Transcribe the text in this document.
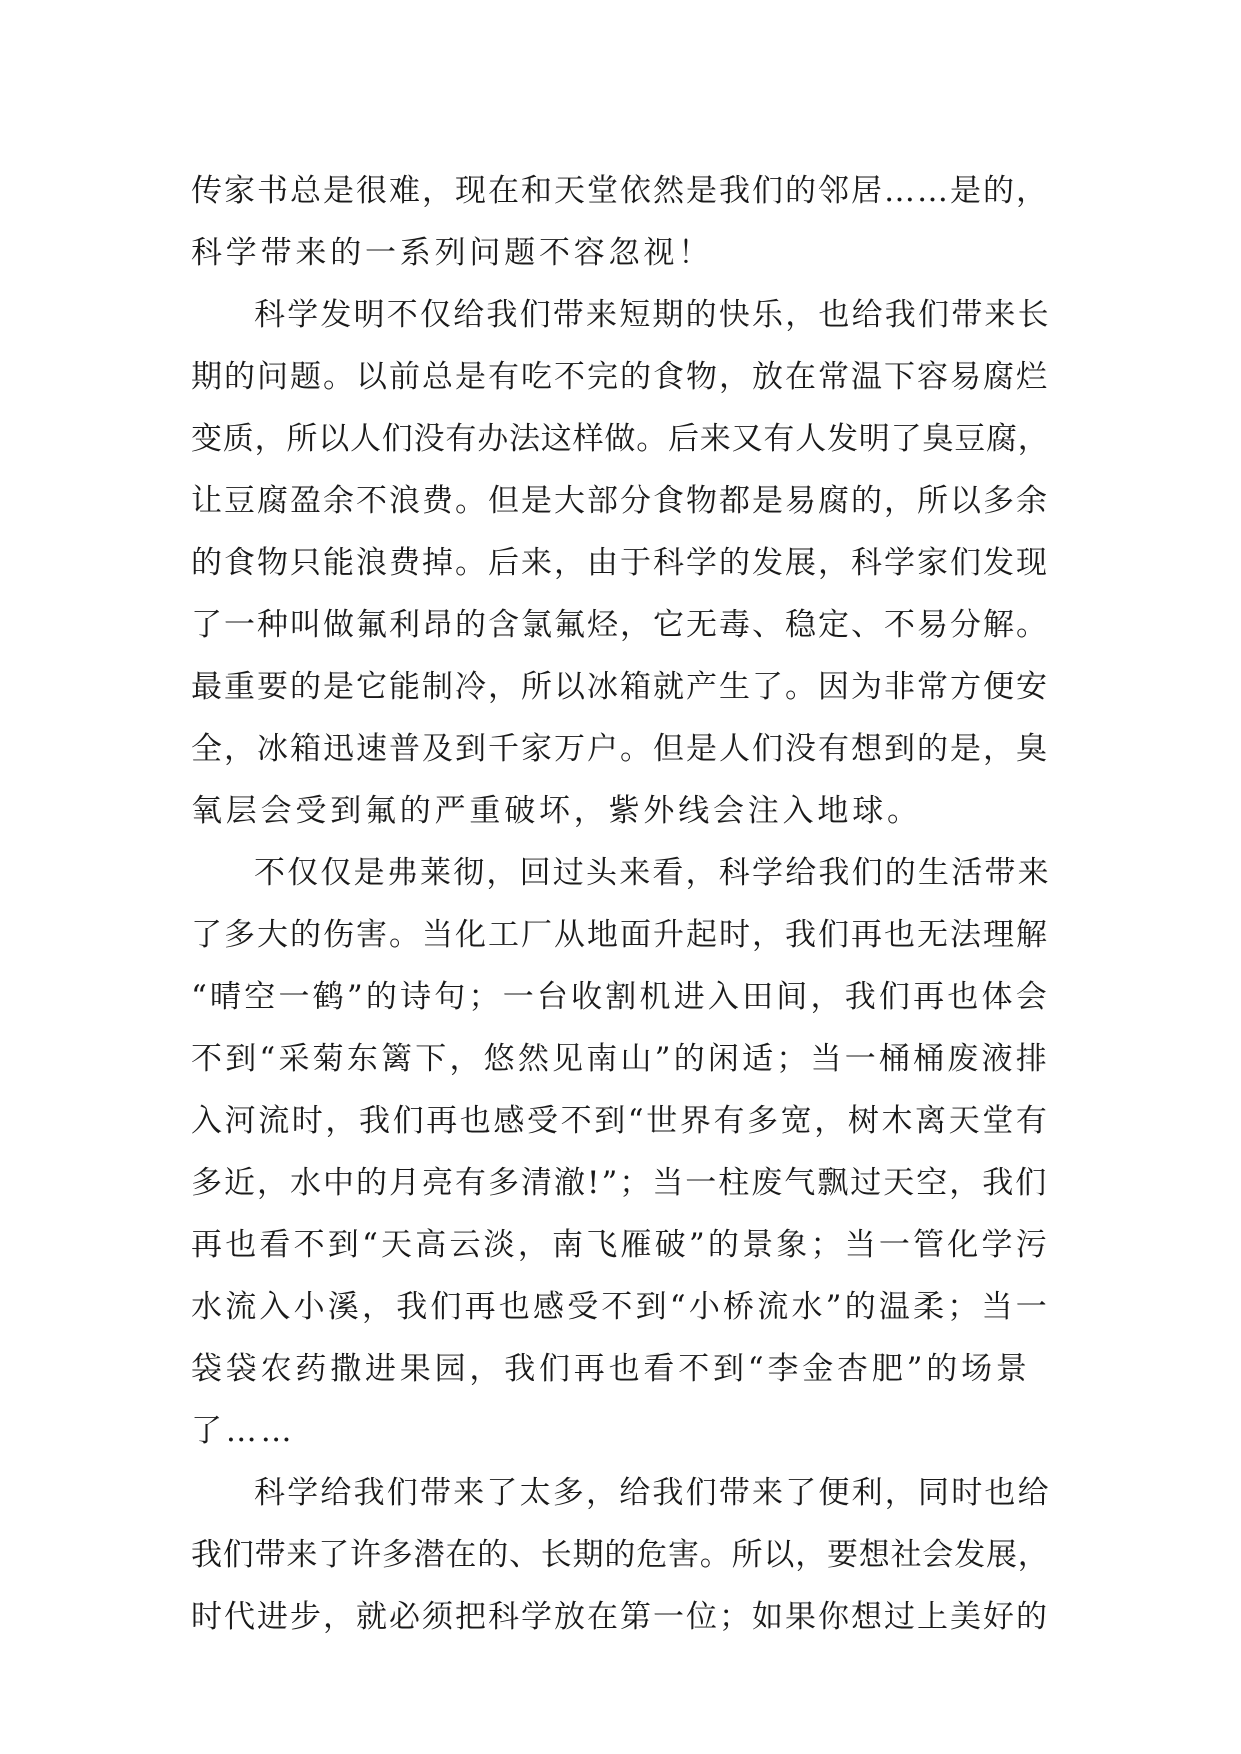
传家书总是很难，现在和天堂依然是我们的邻居……是的，
科学带来的一系列问题不容忽视！
科学发明不仅给我们带来短期的快乐，也给我们带来长
期的问题。以前总是有吃不完的食物，放在常温下容易腐烂
变质，所以人们没有办法这样做。后来又有人发明了臭豆腐，
让豆腐盈余不浪费。但是大部分食物都是易腐的，所以多余
的食物只能浪费掉。后来，由于科学的发展，科学家们发现
了一种叫做氟利昂的含氯氟烃，它无毒、稳定、不易分解。
最重要的是它能制冷，所以冰箱就产生了。因为非常方便安
全，冰箱迅速普及到千家万户。但是人们没有想到的是，臭
氧层会受到氟的严重破坏，紫外线会注入地球。
不仅仅是弗莱彻，回过头来看，科学给我们的生活带来
了多大的伤害。当化工厂从地面升起时，我们再也无法理解
“晴空一鹤”的诗句；一台收割机进入田间，我们再也体会
不到“采菊东篱下，悠然见南山”的闲适；当一桶桶废液排
入河流时，我们再也感受不到“世界有多宽，树木离天堂有
多近，水中的月亮有多清澈!”；当一柱废气飘过天空，我们
再也看不到“天高云淡，南飞雁破”的景象；当一管化学污
水流入小溪，我们再也感受不到“小桥流水”的温柔；当一
袋袋农药撒进果园，我们再也看不到“李金杏肥”的场景
了……
科学给我们带来了太多，给我们带来了便利，同时也给
我们带来了许多潜在的、长期的危害。所以，要想社会发展，
时代进步，就必须把科学放在第一位；如果你想过上美好的
